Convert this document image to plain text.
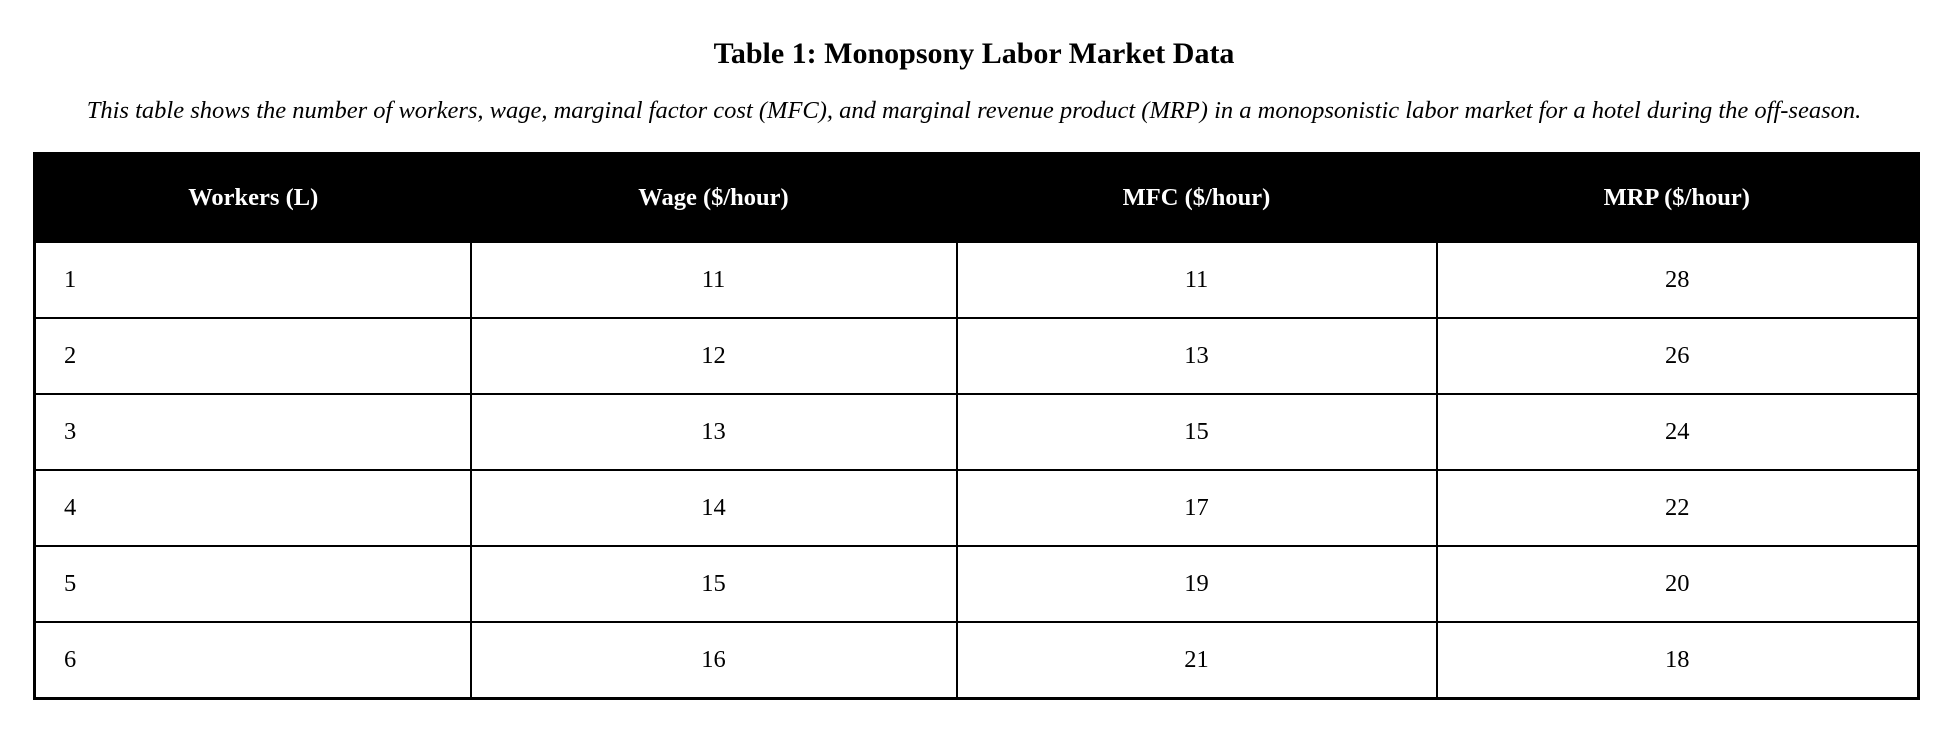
Table 1: Monopsony Labor Market Data
This table shows the number of workers, wage, marginal factor cost (MFC), and marginal revenue product (MRP) in a monopsonistic labor market for a hotel during the off-season.
Workers (L)	Wage ($/hour)	MFC ($/hour)	MRP ($/hour)
1	11	11	28
2	12	13	26
3	13	15	24
4	14	17	22
5	15	19	20
6	16	21	18
